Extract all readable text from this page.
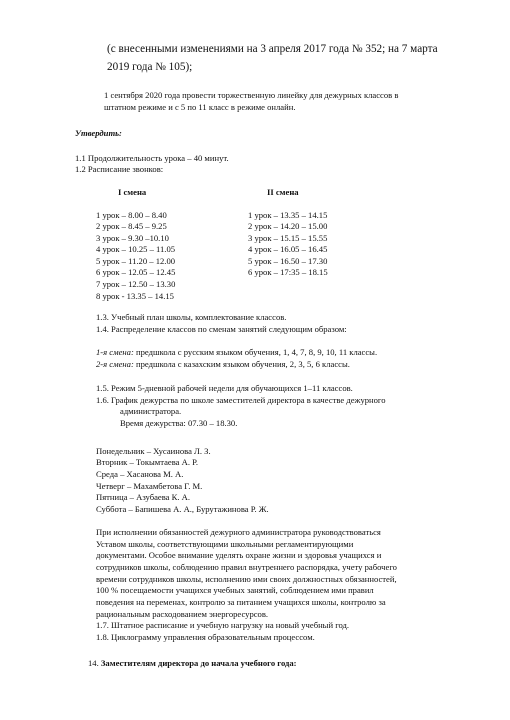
(с внесенными изменениями на 3 апреля 2017 года № 352; на 7 марта
2019 года № 105);
1 сентября 2020 года провести торжественную линейку для дежурных классов в
штатном режиме и с 5 по 11 класс в режиме онлайн.
Утвердить:
1.1 Продолжительность урока – 40 минут.
1.2 Расписание звонков:
I смена	II смена
1 урок – 8.00 – 8.40
2 урок – 8.45 – 9.25
3 урок – 9.30 –10.10
4 урок – 10.25 – 11.05
5 урок – 11.20 – 12.00
6 урок – 12.05 – 12.45
7 урок – 12.50 – 13.30
8 урок - 13.35 – 14.15
1 урок – 13.35 – 14.15
2 урок – 14.20 – 15.00
3 урок – 15.15 – 15.55
4 урок – 16.05 – 16.45
5 урок – 16.50 – 17.30
6 урок – 17:35 – 18.15
1.3. Учебный план школы, комплектование классов.
1.4. Распределение классов по сменам занятий следующим образом:
1-я смена: предшкола с русским языком обучения, 1, 4, 7, 8, 9, 10, 11 классы.
2-я смена: предшкола с казахским языком обучения, 2, 3, 5, 6 классы.
1.5. Режим 5-дневной рабочей недели для обучающихся 1–11 классов.
1.6. График дежурства по школе заместителей директора в качестве дежурного
администратора.
Время дежурства: 07.30 – 18.30.
Понедельник – Хусаинова Л. З.
Вторник – Токымтаева А. Р.
Среда – Хасанова М. А.
Четверг – Махамбетова Г. М.
Пятница – Азубаева К. А.
Суббота – Бапишева А. А., Бурутажинова Р. Ж.
При исполнении обязанностей дежурного администратора руководствоваться
Уставом школы, соответствующими школьными регламентирующими
документами. Особое внимание уделять охране жизни и здоровья учащихся и
сотрудников школы, соблюдению правил внутреннего распорядка, учету рабочего
времени сотрудников школы, исполнению ими своих должностных обязанностей,
100 % посещаемости учащихся учебных занятий, соблюдением ими правил
поведения на переменах, контролю за питанием учащихся школы, контролю за
рациональным расходованием энергоресурсов.
1.7. Штатное расписание и учебную нагрузку на новый учебный год.
1.8. Циклограмму управления образовательным процессом.
14. Заместителям директора до начала учебного года:
